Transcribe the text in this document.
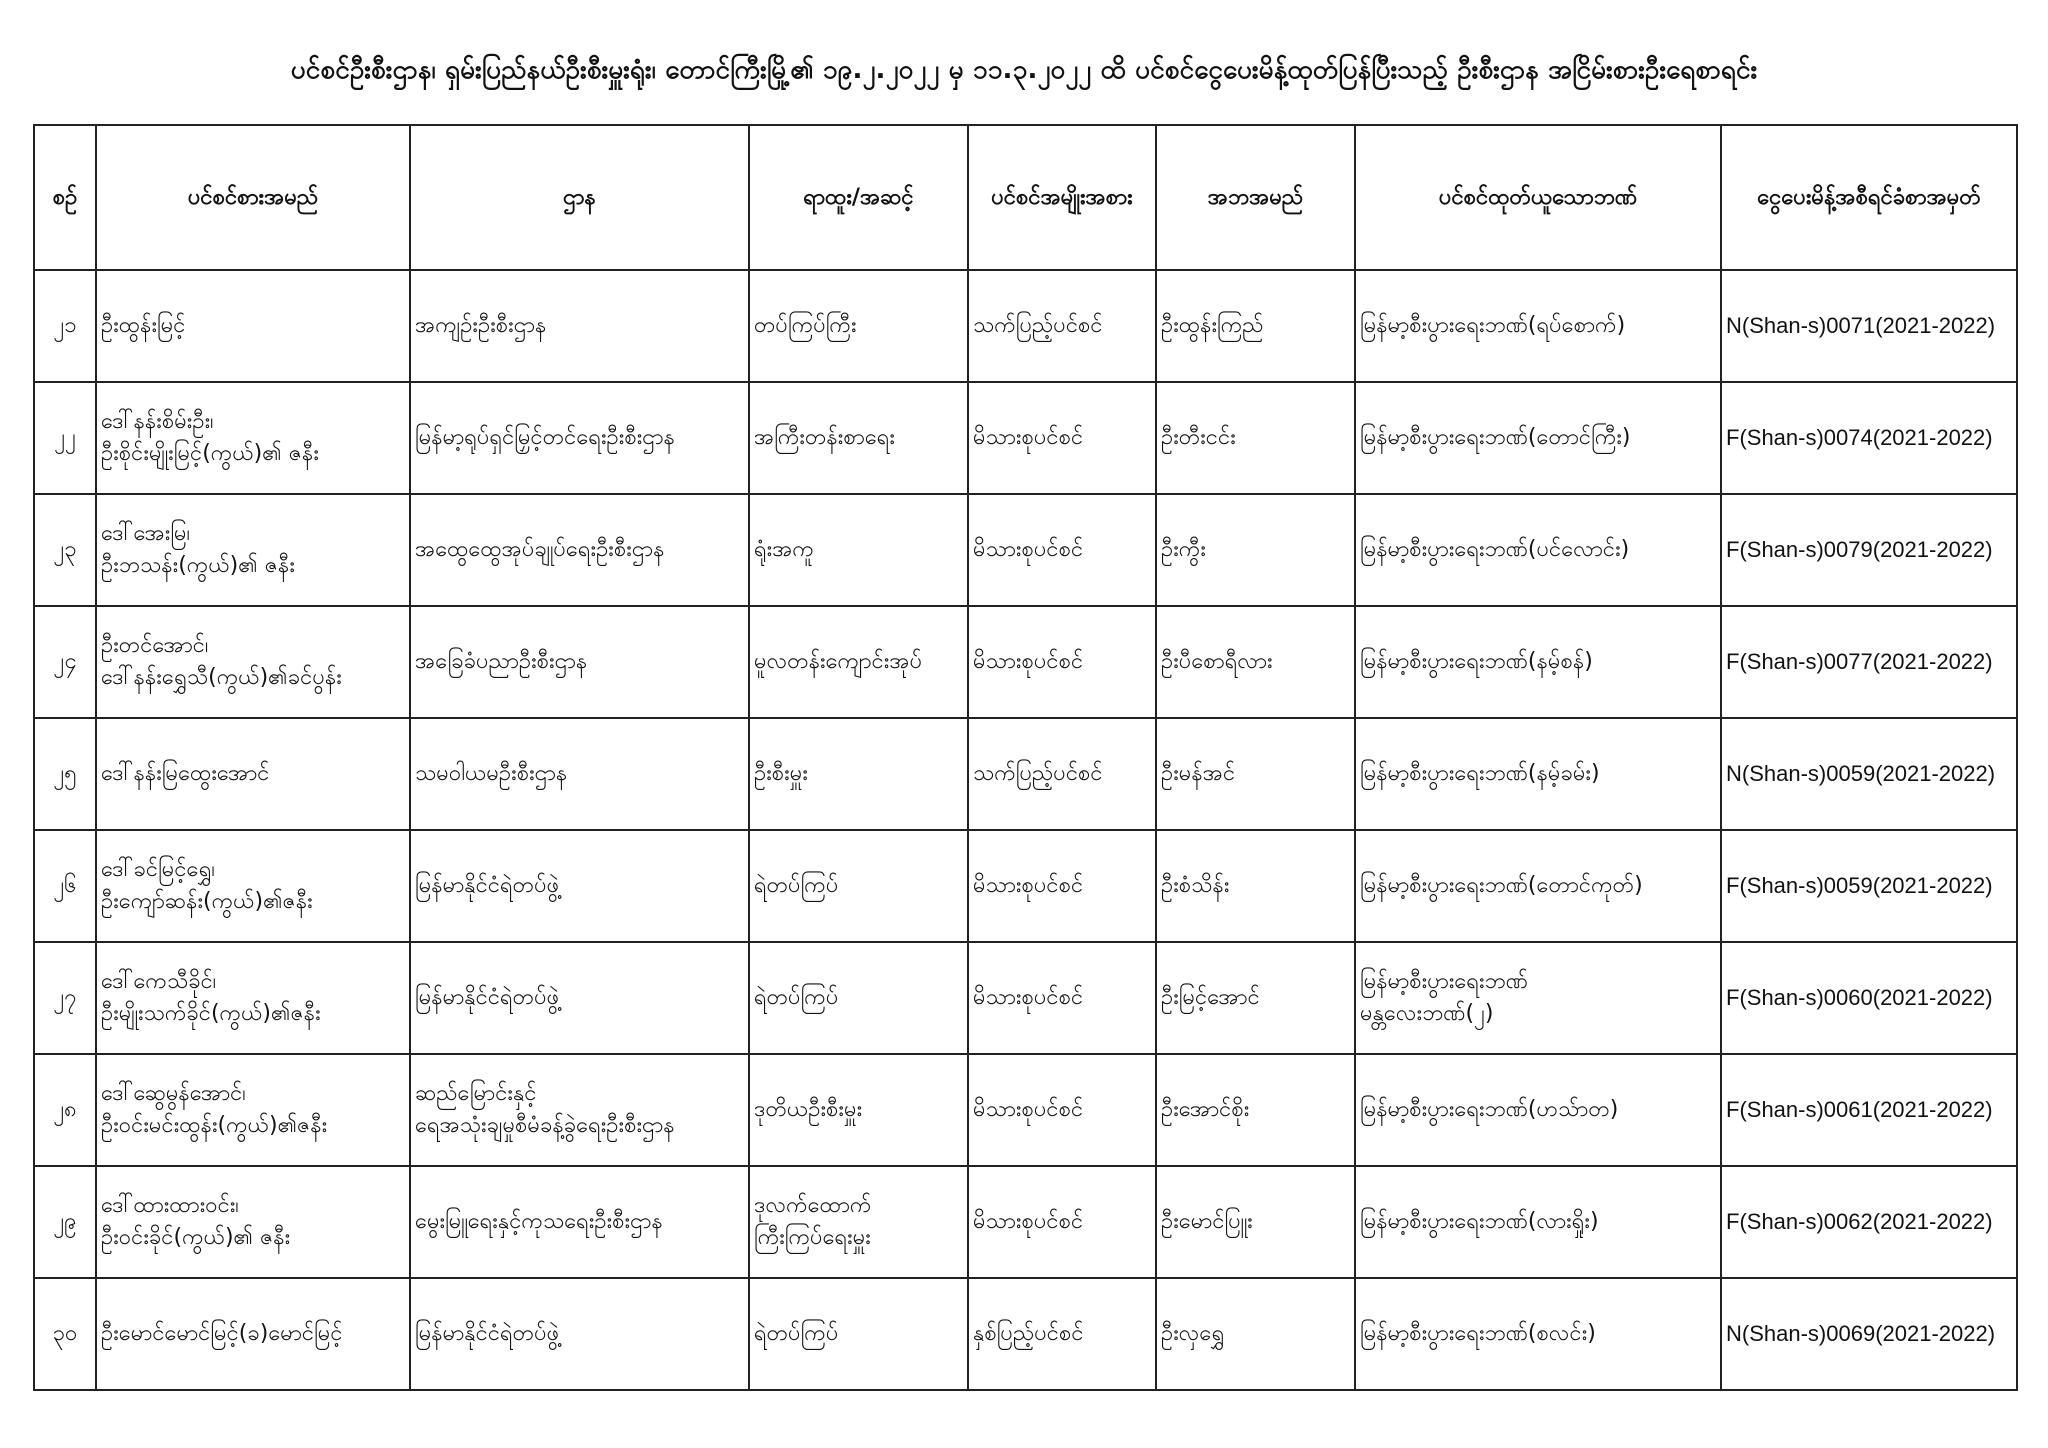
ပင်စင်ဦးစီးဌာန၊ ရှမ်းပြည်နယ်ဦးစီးမှူးရုံး၊ တောင်ကြီးမြို့၏ ၁၉.၂.၂၀၂၂ မှ ၁၁.၃.၂၀၂၂ ထိ ပင်စင်ငွေပေးမိန့်ထုတ်ပြန်ပြီးသည့် ဦးစီးဌာန အငြိမ်းစားဦးရေစာရင်း
စဉ်	ပင်စင်စားအမည်	ဌာန	ရာထူး/အဆင့်	ပင်စင်အမျိုးအစား	အဘအမည်	ပင်စင်ထုတ်ယူသောဘဏ်	ငွေပေးမိန့်အစီရင်ခံစာအမှတ်
၂၁	ဦးထွန်းမြင့်	အကျဉ်းဦးစီးဌာန	တပ်ကြပ်ကြီး	သက်ပြည့်ပင်စင်	ဦးထွန်းကြည်	မြန်မာ့စီးပွားရေးဘဏ်(ရပ်စောက်)	N(Shan-s)0071(2021-2022)
၂၂	ဒေါ်နန်းစိမ်းဦး၊
ဦးစိုင်းမျိုးမြင့်(ကွယ်)၏ ဇနီး	မြန်မာ့ရုပ်ရှင်မြှင့်တင်ရေးဦးစီးဌာန	အကြီးတန်းစာရေး	မိသားစုပင်စင်	ဦးတီးငင်း	မြန်မာ့စီးပွားရေးဘဏ်(တောင်ကြီး)	F(Shan-s)0074(2021-2022)
၂၃	ဒေါ်အေးမြ၊
ဦးဘသန်း(ကွယ်)၏ ဇနီး	အထွေထွေအုပ်ချုပ်ရေးဦးစီးဌာန	ရုံးအကူ	မိသားစုပင်စင်	ဦးကွီး	မြန်မာ့စီးပွားရေးဘဏ်(ပင်လောင်း)	F(Shan-s)0079(2021-2022)
၂၄	ဦးတင်အောင်၊
ဒေါ်နန်းရွှေသီ(ကွယ်)၏ခင်ပွန်း	အခြေခံပညာဦးစီးဌာန	မူလတန်းကျောင်းအုပ်	မိသားစုပင်စင်	ဦးပီစောရီလား	မြန်မာ့စီးပွားရေးဘဏ်(နမ့်စန်)	F(Shan-s)0077(2021-2022)
၂၅	ဒေါ်နန်းမြထွေးအောင်	သမဝါယမဦးစီးဌာန	ဦးစီးမှူး	သက်ပြည့်ပင်စင်	ဦးမန်အင်	မြန်မာ့စီးပွားရေးဘဏ်(နမ့်ခမ်း)	N(Shan-s)0059(2021-2022)
၂၆	ဒေါ်ခင်မြင့်ရွှေ၊
ဦးကျော်ဆန်း(ကွယ်)၏ဇနီး	မြန်မာနိုင်ငံရဲတပ်ဖွဲ့	ရဲတပ်ကြပ်	မိသားစုပင်စင်	ဦးစံသိန်း	မြန်မာ့စီးပွားရေးဘဏ်(တောင်ကုတ်)	F(Shan-s)0059(2021-2022)
၂၇	ဒေါ်ကေသီခိုင်၊
ဦးမျိုးသက်ခိုင်(ကွယ်)၏ဇနီး	မြန်မာနိုင်ငံရဲတပ်ဖွဲ့	ရဲတပ်ကြပ်	မိသားစုပင်စင်	ဦးမြင့်အောင်	မြန်မာ့စီးပွားရေးဘဏ်
မန္တလေးဘဏ်(၂)	F(Shan-s)0060(2021-2022)
၂၈	ဒေါ်ဆွေမွန်အောင်၊
ဦးဝင်းမင်းထွန်း(ကွယ်)၏ဇနီး	ဆည်မြောင်းနှင့်
ရေအသုံးချမှုစီမံခန့်ခွဲရေးဦးစီးဌာန	ဒုတိယဦးစီးမှူး	မိသားစုပင်စင်	ဦးအောင်စိုး	မြန်မာ့စီးပွားရေးဘဏ်(ဟသ်ာတ)	F(Shan-s)0061(2021-2022)
၂၉	ဒေါ်ထားထားဝင်း၊
ဦးဝင်းခိုင်(ကွယ်)၏ ဇနီး	မွေးမြူရေးနှင့်ကုသရေးဦးစီးဌာန	ဒုလက်ထောက်
ကြီးကြပ်ရေးမှူး	မိသားစုပင်စင်	ဦးမောင်ပြူး	မြန်မာ့စီးပွားရေးဘဏ်(လားရှိုး)	F(Shan-s)0062(2021-2022)
၃၀	ဦးမောင်မောင်မြင့်(ခ)မောင်မြင့်	မြန်မာနိုင်ငံရဲတပ်ဖွဲ့	ရဲတပ်ကြပ်	နှစ်ပြည့်ပင်စင်	ဦးလှရွှေ	မြန်မာ့စီးပွားရေးဘဏ်(စလင်း)	N(Shan-s)0069(2021-2022)
